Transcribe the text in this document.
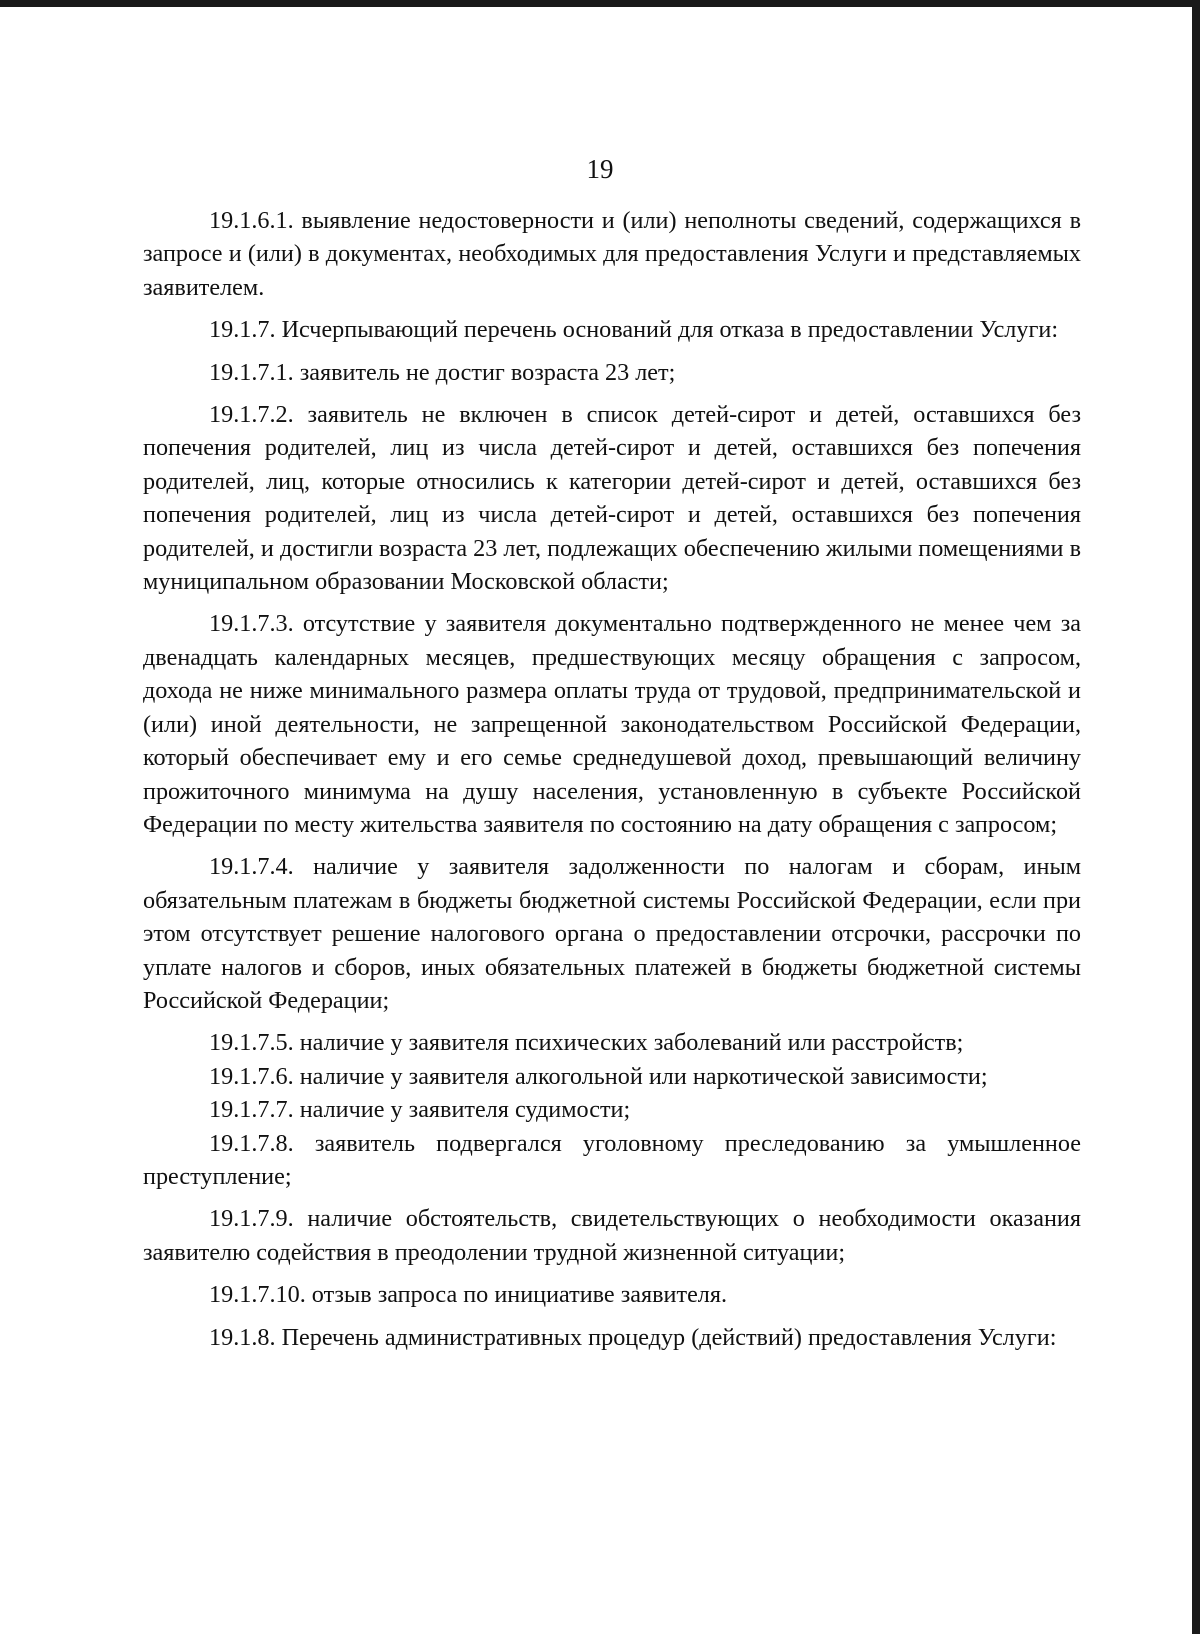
19

19.1.6.1. выявление недостоверности и (или) неполноты сведений, содержащихся в запросе и (или) в документах, необходимых для предоставления Услуги и представляемых заявителем.

19.1.7. Исчерпывающий перечень оснований для отказа в предоставлении Услуги:

19.1.7.1. заявитель не достиг возраста 23 лет;

19.1.7.2. заявитель не включен в список детей-сирот и детей, оставшихся без попечения родителей, лиц из числа детей-сирот и детей, оставшихся без попечения родителей, лиц, которые относились к категории детей-сирот и детей, оставшихся без попечения родителей, лиц из числа детей-сирот и детей, оставшихся без попечения родителей, и достигли возраста 23 лет, подлежащих обеспечению жилыми помещениями в муниципальном образовании Московской области;

19.1.7.3. отсутствие у заявителя документально подтвержденного не менее чем за двенадцать календарных месяцев, предшествующих месяцу обращения с запросом, дохода не ниже минимального размера оплаты труда от трудовой, предпринимательской и (или) иной деятельности, не запрещенной законодательством Российской Федерации, который обеспечивает ему и его семье среднедушевой доход, превышающий величину прожиточного минимума на душу населения, установленную в субъекте Российской Федерации по месту жительства заявителя по состоянию на дату обращения с запросом;

19.1.7.4. наличие у заявителя задолженности по налогам и сборам, иным обязательным платежам в бюджеты бюджетной системы Российской Федерации, если при этом отсутствует решение налогового органа о предоставлении отсрочки, рассрочки по уплате налогов и сборов, иных обязательных платежей в бюджеты бюджетной системы Российской Федерации;

19.1.7.5. наличие у заявителя психических заболеваний или расстройств;

19.1.7.6. наличие у заявителя алкогольной или наркотической зависимости;

19.1.7.7. наличие у заявителя судимости;

19.1.7.8. заявитель подвергался уголовному преследованию за умышленное преступление;

19.1.7.9. наличие обстоятельств, свидетельствующих о необходимости оказания заявителю содействия в преодолении трудной жизненной ситуации;

19.1.7.10. отзыв запроса по инициативе заявителя.

19.1.8. Перечень административных процедур (действий) предоставления Услуги:
